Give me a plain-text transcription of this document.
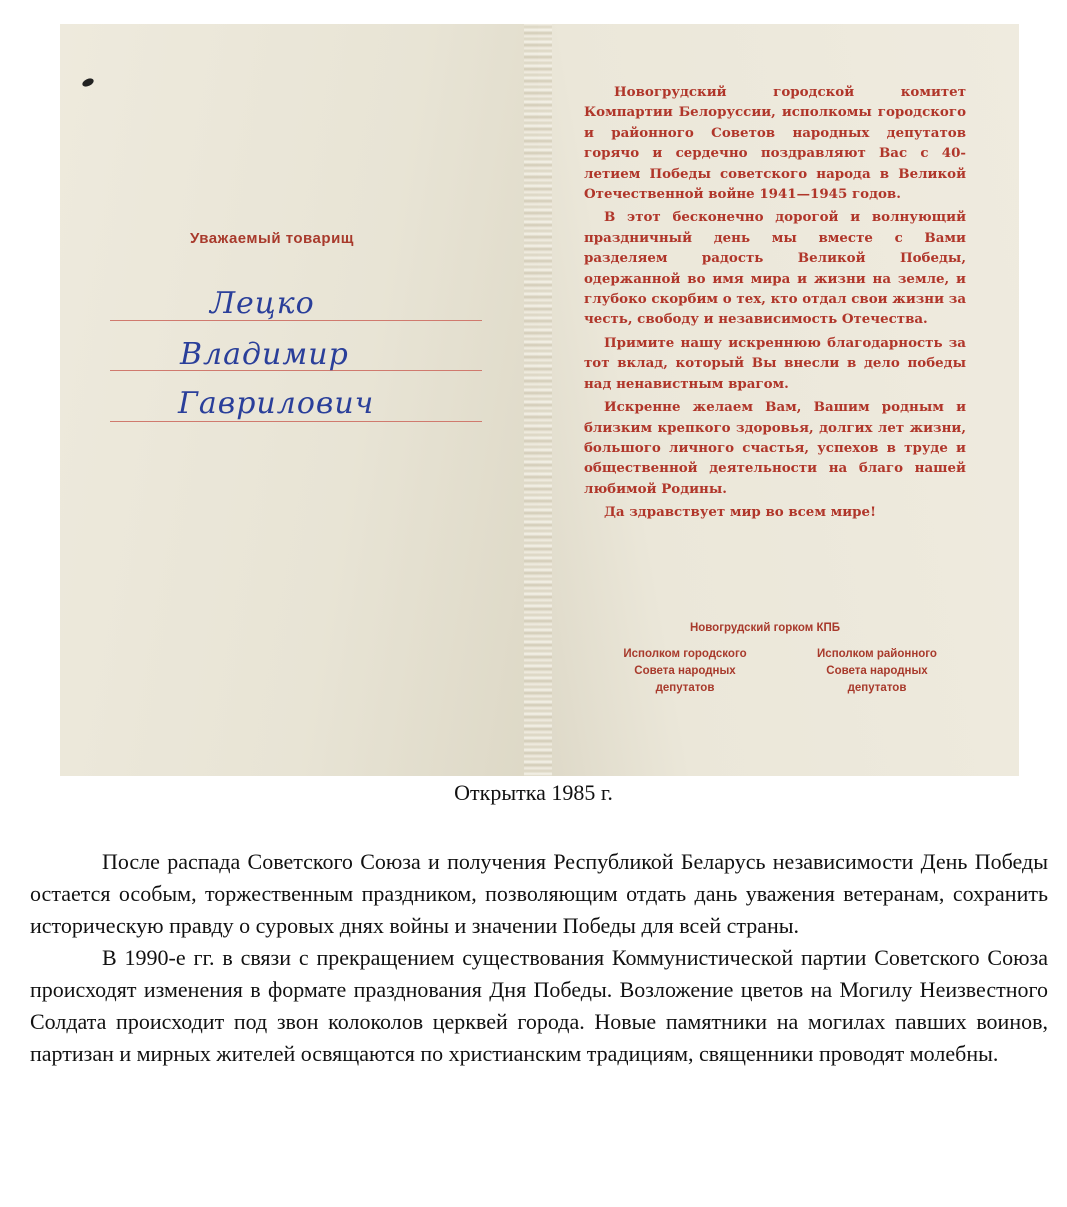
Уважаемый товарищ
Лецко
Владимир
Гаврилович

Новогрудский городской комитет Компартии Белоруссии, исполкомы городского и районного Советов народных депутатов горячо и сердечно поздравляют Вас с 40-летием Победы советского народа в Великой Отечественной войне 1941—1945 годов.

В этот бесконечно дорогой и волнующий праздничный день мы вместе с Вами разделяем радость Великой Победы, одержанной во имя мира и жизни на земле, и глубоко скорбим о тех, кто отдал свои жизни за честь, свободу и независимость Отечества.

Примите нашу искреннюю благодарность за тот вклад, который Вы внесли в дело победы над ненавистным врагом.

Искренне желаем Вам, Вашим родным и близким крепкого здоровья, долгих лет жизни, большого личного счастья, успехов в труде и общественной деятельности на благо нашей любимой Родины.

Да здравствует мир во всем мире!

Новогрудский горком КПБ
Исполком городского
Совета народных
депутатов
Исполком районного
Совета народных
депутатов
Открытка 1985 г.

После распада Советского Союза и получения Республикой Беларусь независимости День Победы остается особым, торжественным праздником, позволяющим отдать дань уважения ветеранам, сохранить историческую правду о суровых днях войны и значении Победы для всей страны.

В 1990-е гг. в связи с прекращением существования Коммунистической партии Советского Союза происходят изменения в формате празднования Дня Победы. Возложение цветов на Могилу Неизвестного Солдата происходит под звон колоколов церквей города. Новые памятники на могилах павших воинов, партизан и мирных жителей освящаются по христианским традициям, священники проводят молебны.
